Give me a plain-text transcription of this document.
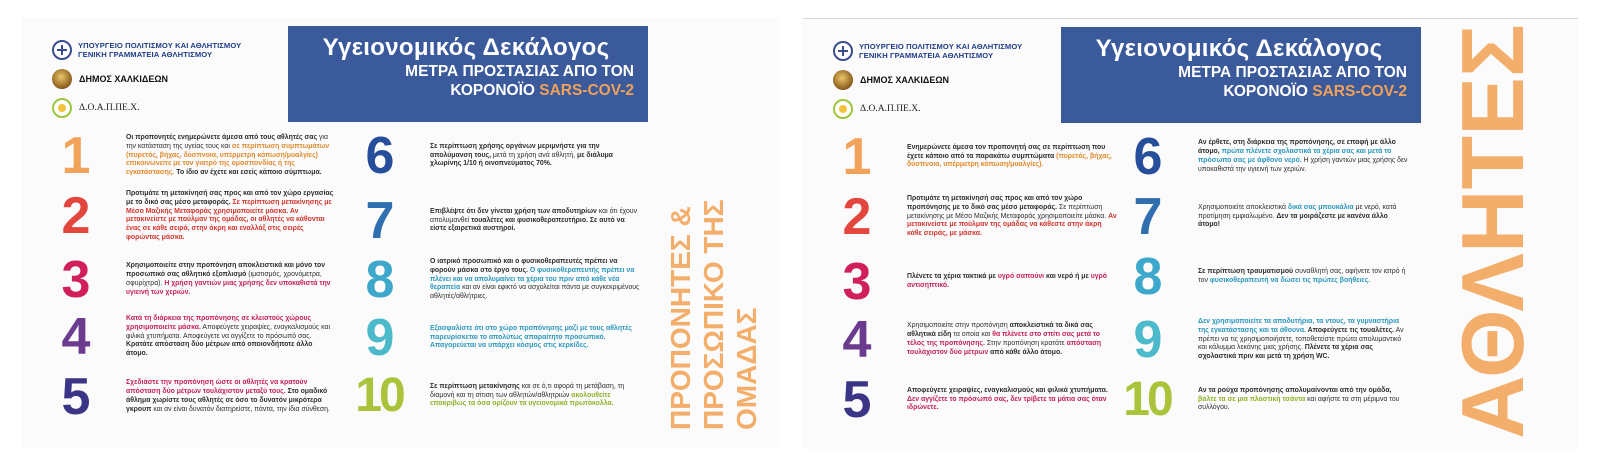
ΥΠΟΥΡΓΕΙΟ ΠΟΛΙΤΙΣΜΟΥ ΚΑΙ ΑΘΛΗΤΙΣΜΟΥ
ΓΕΝΙΚΗ ΓΡΑΜΜΑΤΕΙΑ ΑΘΛΗΤΙΣΜΟΥ
ΔΗΜΟΣ ΧΑΛΚΙΔΕΩΝ
Δ.Ο.Α.Π.ΠΕ.Χ.
Υγειονομικός Δεκάλογος
ΜΕΤΡΑ ΠΡΟΣΤΑΣΙΑΣ ΑΠΟ ΤΟΝ
ΚΟΡΟΝΟΪΟ SARS-COV-2
1	Οι προπονητές ενημερώνετε άμεσα από τους αθλητές σας για την κατάσταση της υγείας τους και σε περίπτωση συμπτωμάτων (πυρετός, βήχας, δύσπνοια, υπέρμετρη κόπωση/μυαλγίες) επικοινωνείτε με τον γιατρό της ομοσπονδίας ή της εγκατάστασης. Το ίδιο αν έχετε και εσείς κάποιο σύμπτωμα.
2	Προτιμάτε τη μετακίνησή σας προς και από τον χώρο εργασίας με το δικό σας μέσο μεταφοράς. Σε περίπτωση μετακίνησης με Μέσο Μαζικής Μεταφοράς χρησιμοποιείτε μάσκα. Αν μετακινείστε με πούλμαν της ομάδας, οι αθλητές να κάθονται ένας σε κάθε σειρά, στην άκρη και εναλλάξ στις σειρές φορώντας μάσκα.
3	Χρησιμοποιείτε στην προπόνηση αποκλειστικά και μόνο τον προσωπικό σας αθλητικό εξοπλισμό (ιματισμός, χρονόμετρα, σφυρίχτρα). Η χρήση γαντιών μιας χρήσης δεν υποκαθιστά την υγιεινή των χεριών.
4	Κατά τη διάρκεια της προπόνησης σε κλειστούς χώρους χρησιμοποιείτε μάσκα. Αποφεύγετε χειραψίες, εναγκαλισμούς και φιλικά χτυπήματα. Αποφεύγετε να αγγίζετε το πρόσωπό σας. Κρατάτε απόσταση δύο μέτρων από οποιονδήποτε άλλο άτομο.
5	Σχεδιάστε την προπόνηση ώστε οι αθλητές να κρατούν απόσταση δύο μέτρων τουλάχιστον μεταξύ τους. Στο ομαδικό άθλημα χωρίστε τους αθλητές σε όσο το δυνατόν μικρότερα γκρουπ και αν είναι δυνατόν διατηρείστε, πάντα, την ίδια σύνθεση.
6	Σε περίπτωση χρήσης οργάνων μεριμνήστε για την απολύμανση τους, μετά τη χρήση ανά αθλητή, με διάλυμα χλωρίνης 1/10 ή οινοπνεύματος 70%.
7	Επιβλέψτε ότι δεν γίνεται χρήση των αποδυτηρίων και ότι έχουν απολυμανθεί τουαλέτες και φυσικοθεραπευτήριο. Σε αυτό να είστε εξαιρετικά αυστηροί.
8	Ο ιατρικό προσωπικό και ο φυσικοθεραπευτές πρέπει να φορούν μάσκα στο έργο τους. Ο φυσικοθεραπευτής πρέπει να πλένει και να απολυμαίνει τα χέρια του πριν από κάθε νέα θεραπεία και αν είναι εφικτό να ασχολείται πάντα με συγκεκριμένους αθλητές/αθλήτριες.
9	Εξασφαλίστε ότι στο χώρο προπόνησης μαζί με τους αθλητές παρευρίσκεται το απολύτως απαραίτητο προσωπικό. Απαγορεύεται να υπάρχει κόσμος στις κερκίδες.
10	Σε περίπτωση μετακίνησης και σε ό,τι αφορά τη μετάβαση, τη διαμονή και τη σίτιση των αθλητών/αθλητριών ακολουθείτε επακριβώς τα όσα ορίζουν τα υγειονομικά πρωτόκολλα.	ΠΡΟΠΟΝΗΤΕΣ &
ΠΡΟΣΩΠΙΚΟ ΤΗΣ ΟΜΑΔΑΣ
ΥΠΟΥΡΓΕΙΟ ΠΟΛΙΤΙΣΜΟΥ ΚΑΙ ΑΘΛΗΤΙΣΜΟΥ
ΓΕΝΙΚΗ ΓΡΑΜΜΑΤΕΙΑ ΑΘΛΗΤΙΣΜΟΥ
ΔΗΜΟΣ ΧΑΛΚΙΔΕΩΝ
Δ.Ο.Α.Π.ΠΕ.Χ.
Υγειονομικός Δεκάλογος
ΜΕΤΡΑ ΠΡΟΣΤΑΣΙΑΣ ΑΠΟ ΤΟΝ
ΚΟΡΟΝΟΪΟ SARS-COV-2
1	Ενημερώνετε άμεσα τον προπονητή σας σε περίπτωση που έχετε κάποιο από τα παρακάτω συμπτώματα (πυρετός, βήχας, δύσπνοια, υπέρμετρη κόπωση/μυαλγίες).
2	Προτιμάτε τη μετακίνησή σας προς και από τον χώρο προπόνησης με το δικό σας μέσο μεταφοράς. Σε περίπτωση μετακίνησης με Μέσο Μαζικής Μεταφοράς χρησιμοποιείτε μάσκα. Αν μετακινείστε με πούλμαν της ομάδας να κάθεστε στην άκρη κάθε σειράς, με μάσκα.
3	Πλένετε τα χέρια τακτικά με υγρό σαπούνι και νερό ή με υγρό αντισηπτικό.
4	Χρησιμοποιείτε στην προπόνηση αποκλειστικά τα δικά σας αθλητικά είδη τα οποία και θα πλένετε στο σπίτι σας μετά το τέλος της προπόνησης. Στην προπόνηση κρατάτε απόσταση τουλάχιστον δύο μέτρων από κάθε άλλο άτομο.
5	Αποφεύγετε χειραψίες, εναγκαλισμούς και φιλικά χτυπήματα. Δεν αγγίζετε το πρόσωπό σας, δεν τρίβετε τα μάτια σας όταν ιδρώνετε.
6	Αν έρθετε, στη διάρκεια της προπόνησης, σε επαφή με άλλο άτομο, πρώτα πλένετε σχολαστικά τα χέρια σας και μετά το πρόσωπο σας με άφθονο νερό. Η χρήση γαντιών μιας χρήσης δεν υποκαθιστά την υγιεινή των χεριών.
7	Χρησιμοποιείτε αποκλειστικά δικά σας μπουκάλια με νερό, κατά προτίμηση εμφιαλωμένο. Δεν τα μοιράζεστε με κανένα άλλο άτομο!
8	Σε περίπτωση τραυματισμού συναθλητή σας, αφήνετε τον ιατρό ή τον φυσικοθεραπευτή να δώσει τις πρώτες βοήθειες.
9	Δεν χρησιμοποιείτε τα αποδυτήρια, τα ντους, τα γυμναστήρια της εγκατάστασης και τα άθουνα. Αποφεύγετε τις τουαλέτες. Αν πρέπει να τις χρησιμοποιήσετε, τοποθετείστε πρώτα απολυμαντικό και κάλυμμα λεκάνης μιας χρήσης. Πλένετε τα χέρια σας σχολαστικά πριν και μετά τη χρήση WC.
10	Αν τα ρούχα προπόνησης απολυμαίνονται από την ομάδα, βάλτε τα σε μια πλαστική τσάντα και αφήστε τα στη μέριμνα του συλλόγου.	ΑΘΛΗΤΕΣ
